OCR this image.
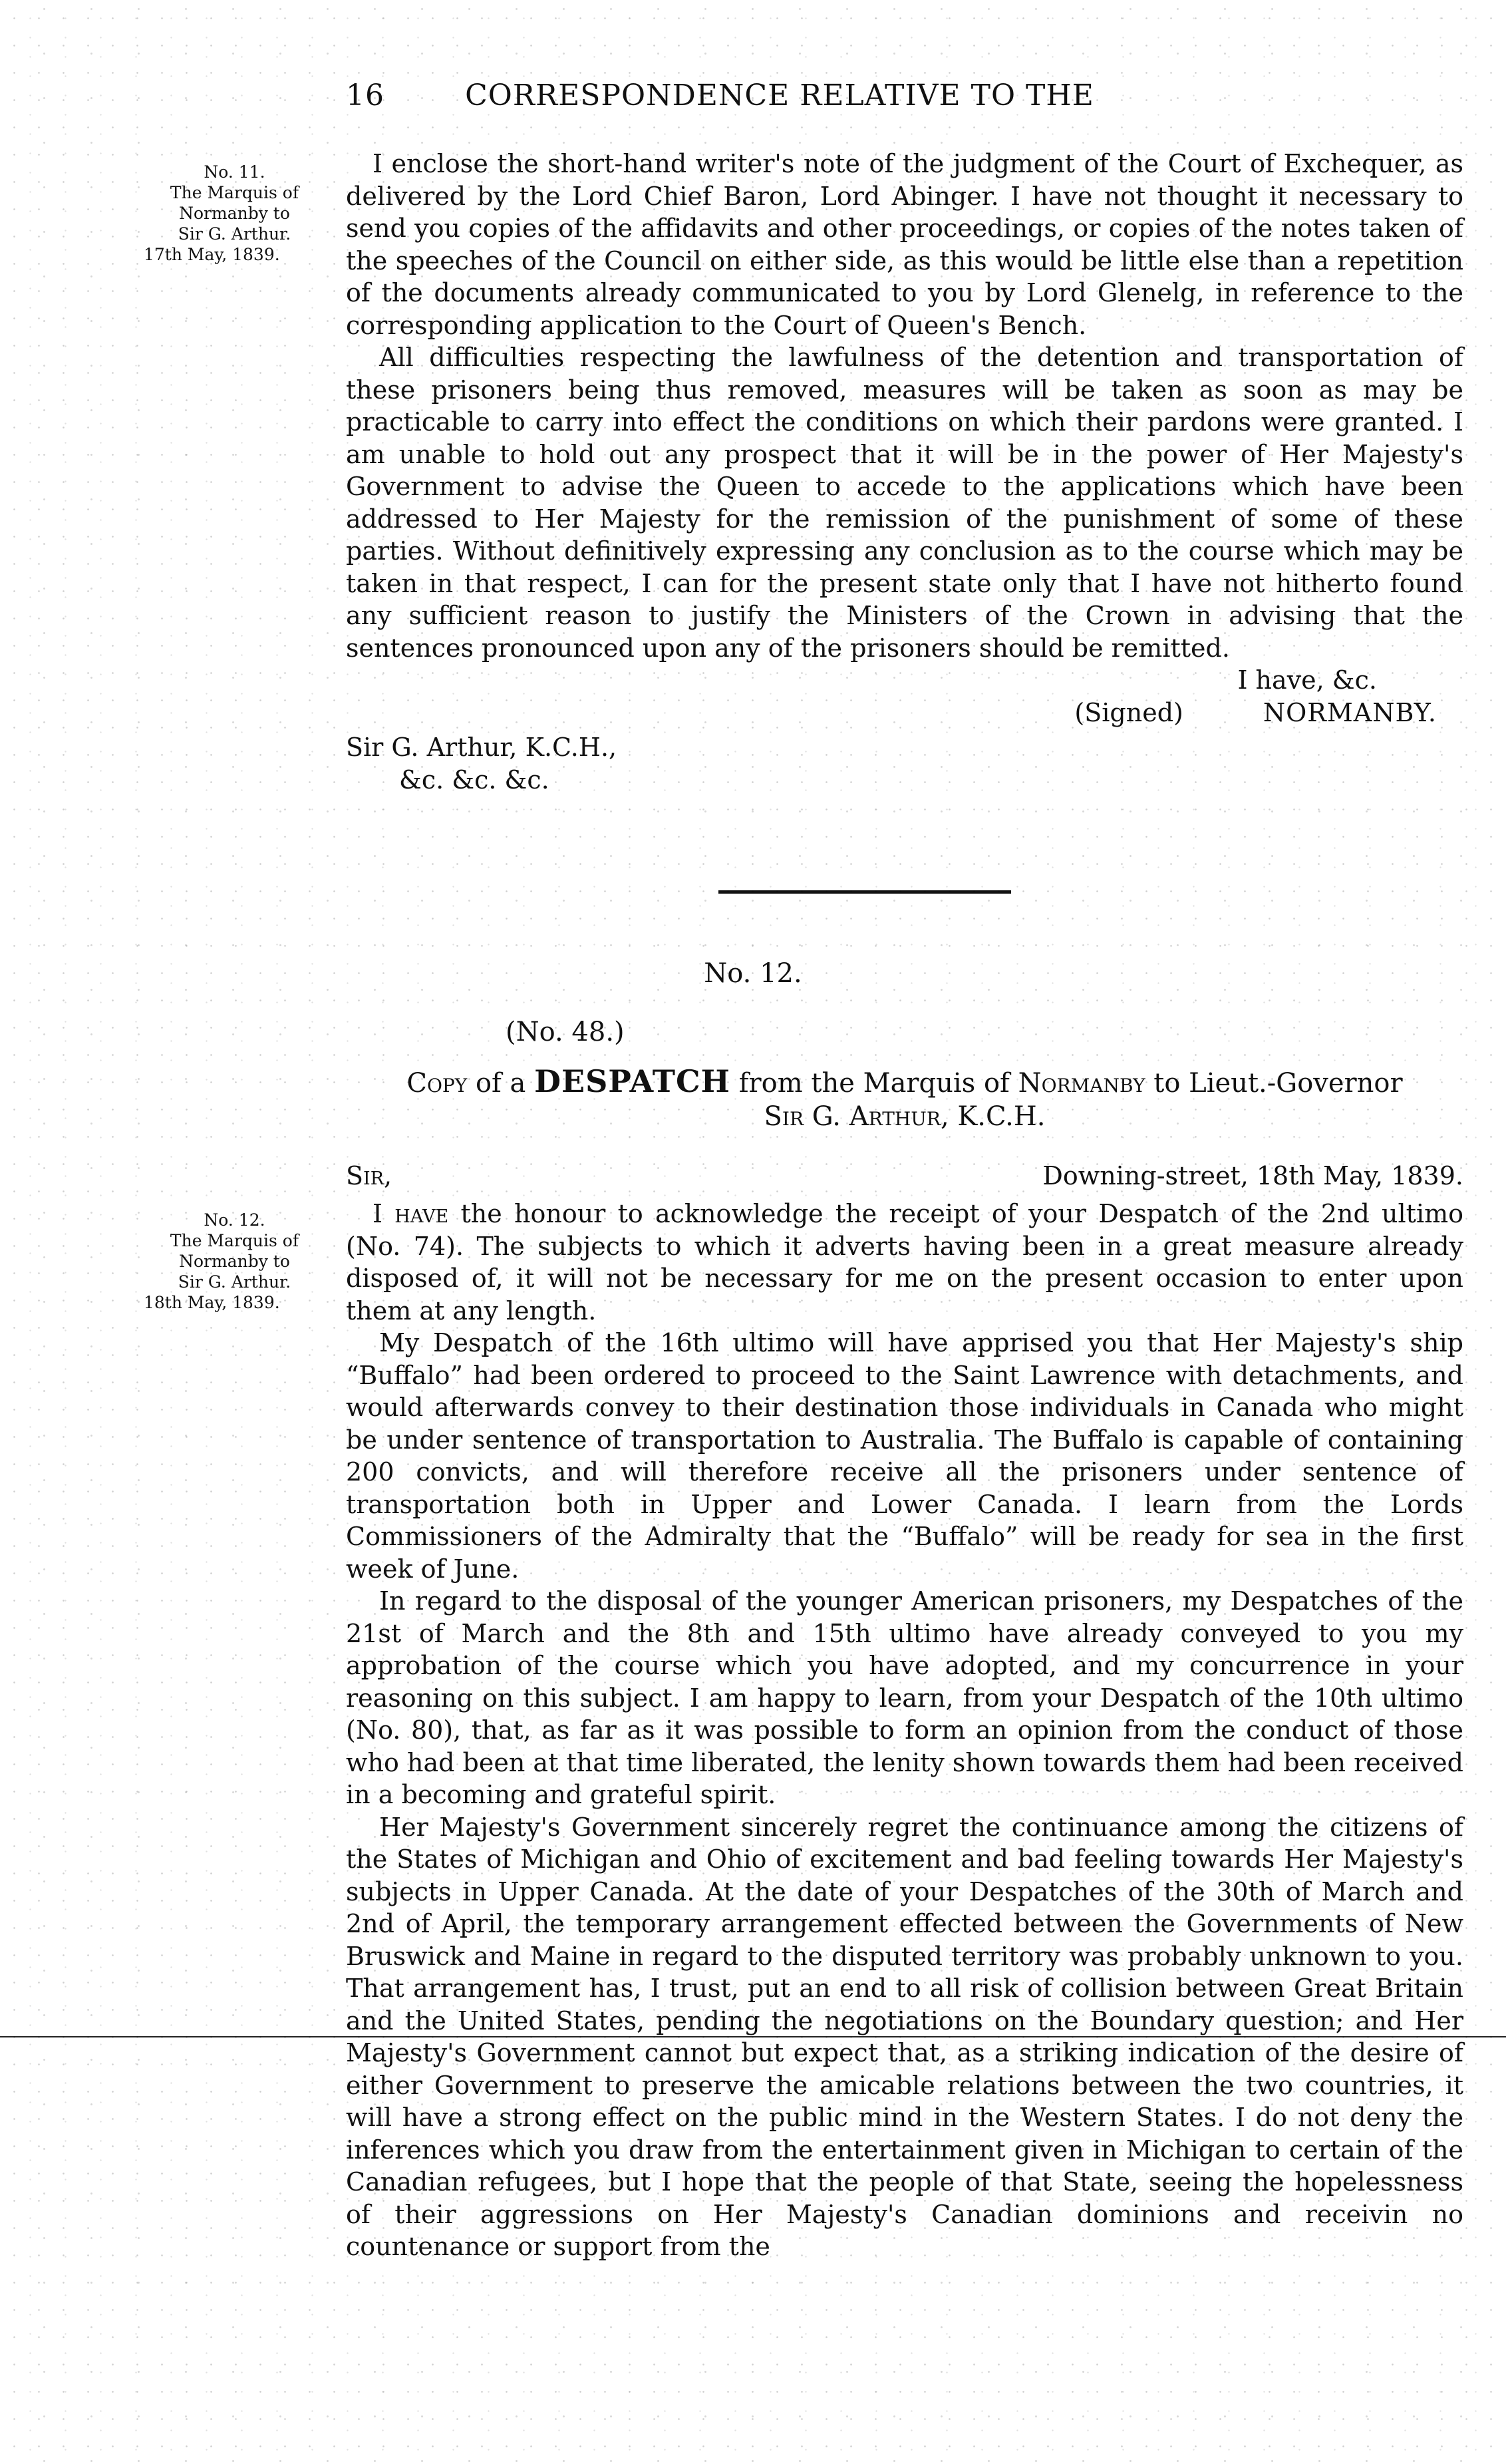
16	CORRESPONDENCE RELATIVE TO THE
No. 11.
The Marquis of
Normanby to
Sir G. Arthur.
17th May, 1839.

I enclose the short-hand writer's note of the judgment of the Court of Exchequer, as delivered by the Lord Chief Baron, Lord Abinger. I have not thought it necessary to send you copies of the affidavits and other proceedings, or copies of the notes taken of the speeches of the Council on either side, as this would be little else than a repetition of the documents already communicated to you by Lord Glenelg, in reference to the corresponding application to the Court of Queen's Bench.

All difficulties respecting the lawfulness of the detention and transportation of these prisoners being thus removed, measures will be taken as soon as may be practicable to carry into effect the conditions on which their pardons were granted. I am unable to hold out any prospect that it will be in the power of Her Majesty's Government to advise the Queen to accede to the applications which have been addressed to Her Majesty for the remission of the punishment of some of these parties. Without definitively expressing any conclusion as to the course which may be taken in that respect, I can for the present state only that I have not hitherto found any sufficient reason to justify the Ministers of the Crown in advising that the sentences pronounced upon any of the prisoners should be remitted.

I have, &c.
(Signed)	NORMANBY.
Sir G. Arthur, K.C.H.,
&c. &c. &c.
No. 12.
(No. 48.)
Copy of a DESPATCH from the Marquis of Normanby to Lieut.-Governor
Sir G. Arthur, K.C.H.
Sir,	Downing-street, 18th May, 1839.
No. 12.
The Marquis of
Normanby to
Sir G. Arthur.
18th May, 1839.

I have the honour to acknowledge the receipt of your Despatch of the 2nd ultimo (No. 74). The subjects to which it adverts having been in a great measure already disposed of, it will not be necessary for me on the present occasion to enter upon them at any length.

My Despatch of the 16th ultimo will have apprised you that Her Majesty's ship “Buffalo” had been ordered to proceed to the Saint Lawrence with detachments, and would afterwards convey to their destination those individuals in Canada who might be under sentence of transportation to Australia. The Buffalo is capable of containing 200 convicts, and will therefore receive all the prisoners under sentence of transportation both in Upper and Lower Canada. I learn from the Lords Commissioners of the Admiralty that the “Buffalo” will be ready for sea in the first week of June.

In regard to the disposal of the younger American prisoners, my Despatches of the 21st of March and the 8th and 15th ultimo have already conveyed to you my approbation of the course which you have adopted, and my concurrence in your reasoning on this subject. I am happy to learn, from your Despatch of the 10th ultimo (No. 80), that, as far as it was possible to form an opinion from the conduct of those who had been at that time liberated, the lenity shown towards them had been received in a becoming and grateful spirit.

Her Majesty's Government sincerely regret the continuance among the citizens of the States of Michigan and Ohio of excitement and bad feeling towards Her Majesty's subjects in Upper Canada. At the date of your Despatches of the 30th of March and 2nd of April, the temporary arrangement effected between the Governments of New Bruswick and Maine in regard to the disputed territory was probably unknown to you. That arrangement has, I trust, put an end to all risk of collision between Great Britain and the United States, pending the negotiations on the Boundary question; and Her Majesty's Government cannot but expect that, as a striking indication of the desire of either Government to preserve the amicable relations between the two countries, it will have a strong effect on the public mind in the Western States. I do not deny the inferences which you draw from the entertainment given in Michigan to certain of the Canadian refugees, but I hope that the people of that State, seeing the hopelessness of their aggressions on Her Majesty's Canadian dominions and receivin no countenance or support from the
